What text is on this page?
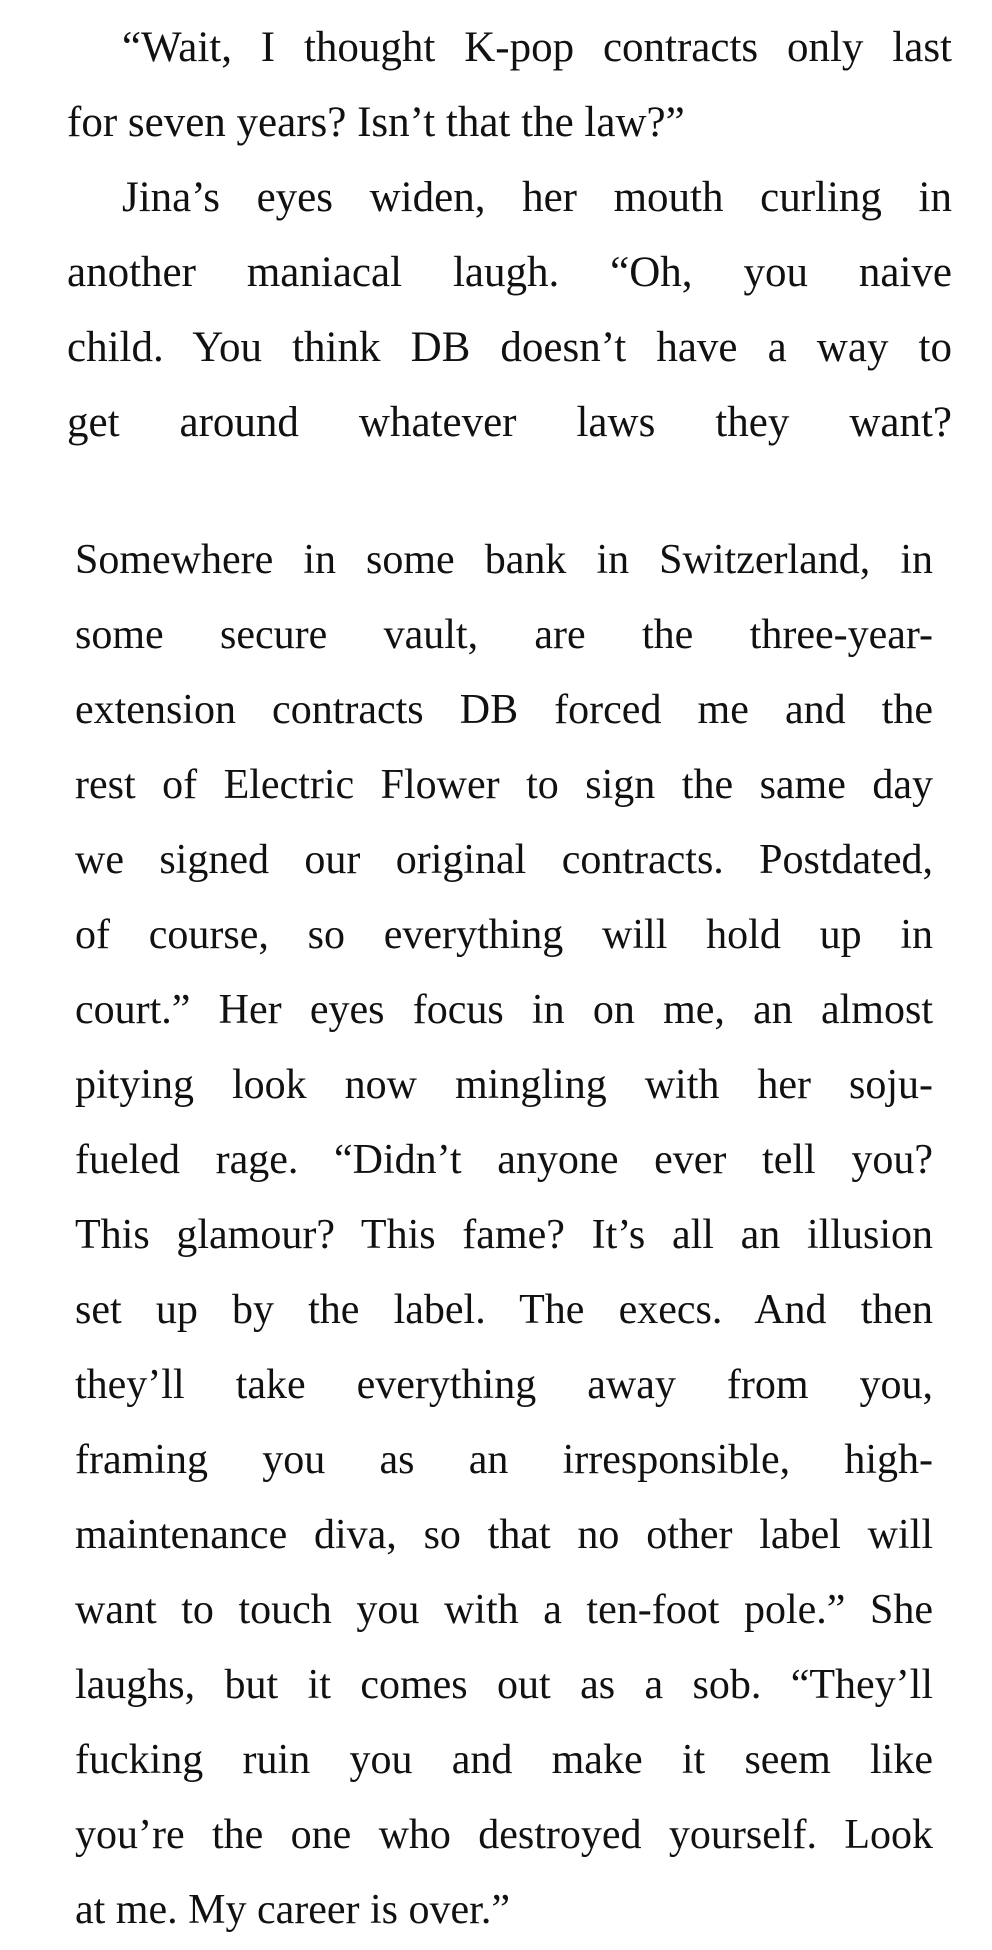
“Wait, I thought K-pop contracts only last

for seven years? Isn’t that the law?”

Jina’s eyes widen, her mouth curling in

another maniacal laugh. “Oh, you naive

child. You think DB doesn’t have a way to

get around whatever laws they want?

Somewhere in some bank in Switzerland, in

some secure vault, are the three-year-

extension contracts DB forced me and the

rest of Electric Flower to sign the same day

we signed our original contracts. Postdated,

of course, so everything will hold up in

court.” Her eyes focus in on me, an almost

pitying look now mingling with her soju-

fueled rage. “Didn’t anyone ever tell you?

This glamour? This fame? It’s all an illusion

set up by the label. The execs. And then

they’ll take everything away from you,

framing you as an irresponsible, high-

maintenance diva, so that no other label will

want to touch you with a ten-foot pole.” She

laughs, but it comes out as a sob. “They’ll

fucking ruin you and make it seem like

you’re the one who destroyed yourself. Look

at me. My career is over.”
